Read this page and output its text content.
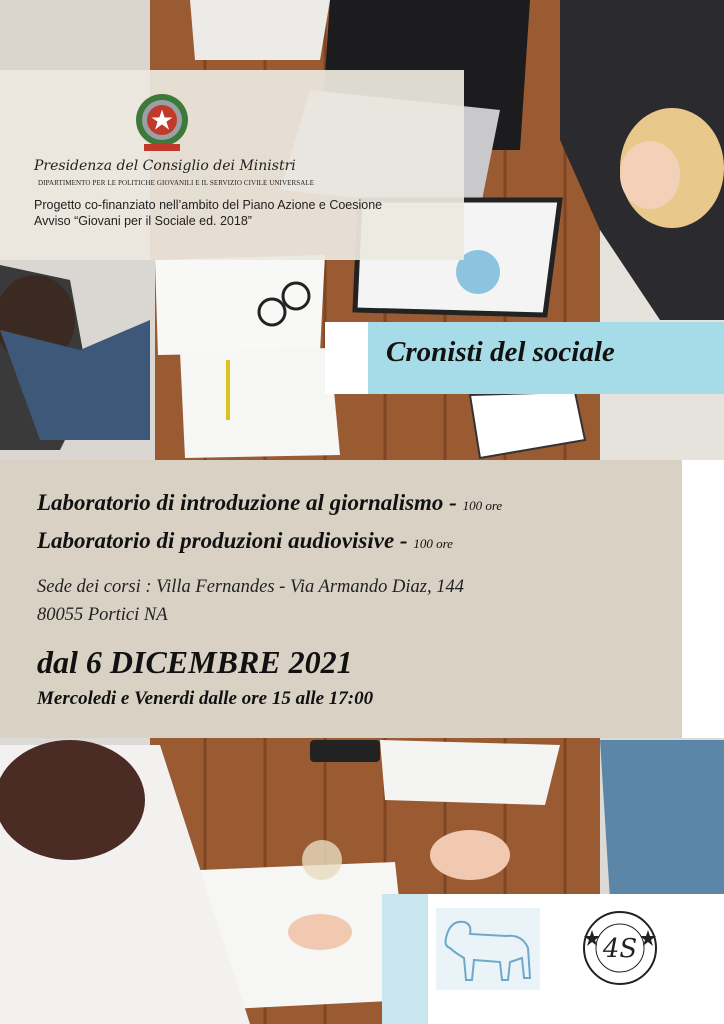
Presidenza del Consiglio dei Ministri
DIPARTIMENTO PER LE POLITICHE GIOVANILI E IL SERVIZIO CIVILE UNIVERSALE
Progetto co-finanziato nell’ambito del Piano Azione e Coesione
Avviso “Giovani per il Sociale ed. 2018”
Cronisti del sociale
Laboratorio di introduzione al giornalismo - 100 ore
Laboratorio di produzioni audiovisive - 100 ore
Sede dei corsi : Villa Fernandes - Via Armando Diaz, 144
80055 Portici NA
dal 6 DICEMBRE 2021
Mercoledi e Venerdi dalle ore 15 alle 17:00
4S
